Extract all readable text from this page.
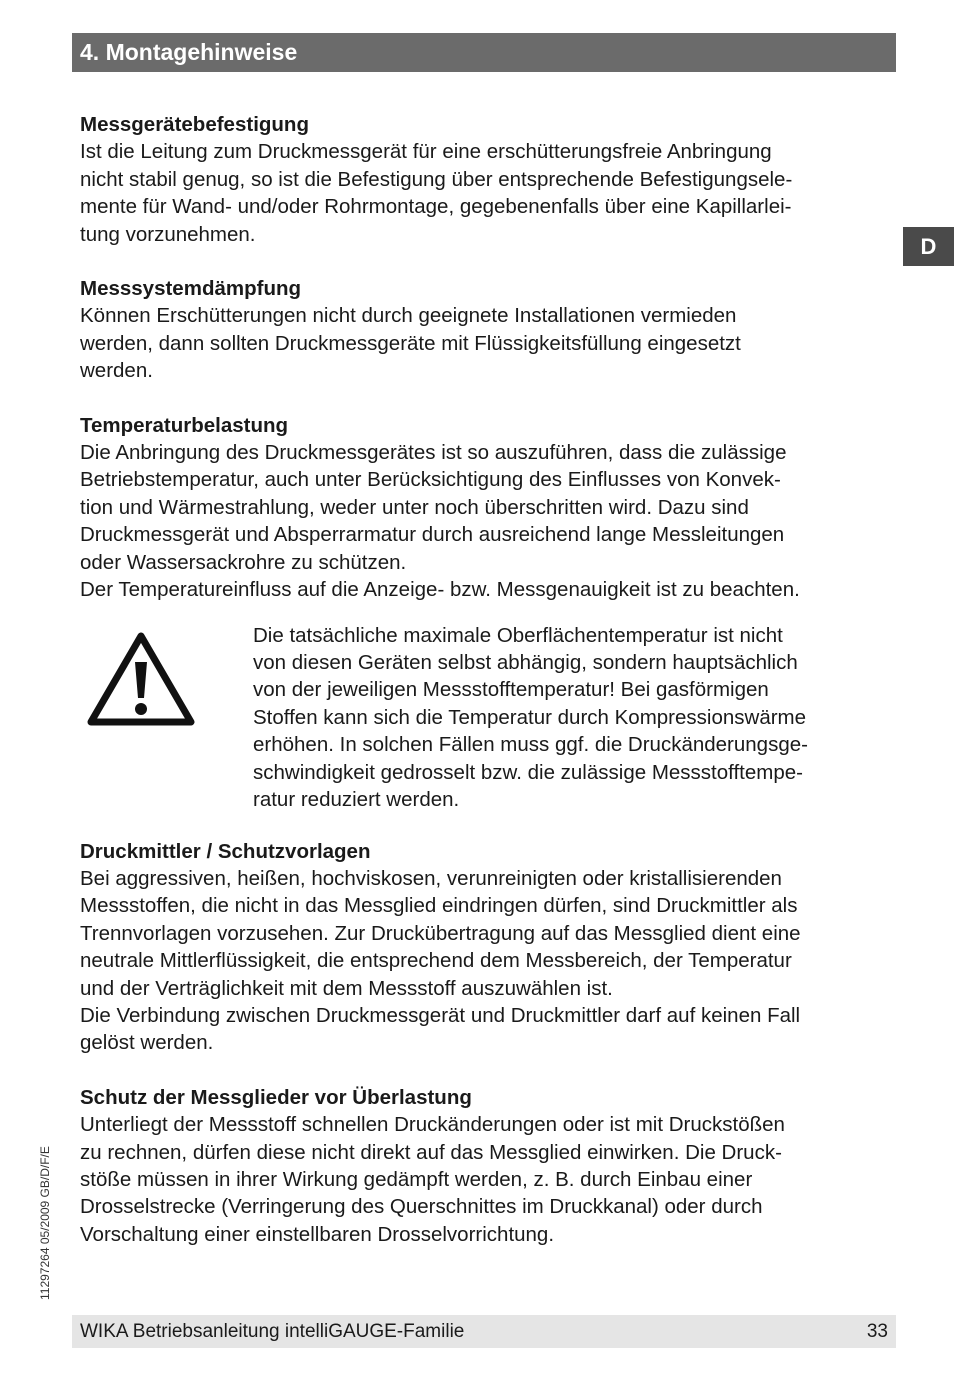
4. Montagehinweise
D
Messgerätebefestigung

Ist die Leitung zum Druckmessgerät für eine erschütterungsfreie Anbringung
nicht stabil genug, so ist die Befestigung über entsprechende Befestigungsele-
mente für Wand- und/oder Rohrmontage, gegebenenfalls über eine Kapillarlei-
tung vorzunehmen.

Messsystemdämpfung

Können Erschütterungen nicht durch geeignete Installationen vermieden
werden, dann sollten Druckmessgeräte mit Flüssigkeitsfüllung eingesetzt
werden.

Temperaturbelastung

Die Anbringung des Druckmessgerätes ist so auszuführen, dass die zulässige
Betriebstemperatur, auch unter Berücksichtigung des Einflusses von Konvek-
tion und Wärmestrahlung, weder unter noch überschritten wird. Dazu sind
Druckmessgerät und Absperrarmatur durch ausreichend lange Messleitungen
oder Wassersackrohre zu schützen.
Der Temperatureinfluss auf die Anzeige- bzw. Messgenauigkeit ist zu beachten.

Die tatsächliche maximale Oberflächentemperatur ist nicht
von diesen Geräten selbst abhängig, sondern hauptsächlich
von der jeweiligen Messstofftemperatur! Bei gasförmigen
Stoffen kann sich die Temperatur durch Kompressionswärme
erhöhen. In solchen Fällen muss ggf. die Druckänderungsge-
schwindigkeit gedrosselt bzw. die zulässige Messstofftempe-
ratur reduziert werden.

Druckmittler / Schutzvorlagen

Bei aggressiven, heißen, hochviskosen, verunreinigten oder kristallisierenden
Messstoffen, die nicht in das Messglied eindringen dürfen, sind Druckmittler als
Trennvorlagen vorzusehen. Zur Druckübertragung auf das Messglied dient eine
neutrale Mittlerflüssigkeit, die entsprechend dem Messbereich, der Temperatur
und der Verträglichkeit mit dem Messstoff auszuwählen ist.
Die Verbindung zwischen Druckmessgerät und Druckmittler darf auf keinen Fall
gelöst werden.

Schutz der Messglieder vor Überlastung

Unterliegt der Messstoff schnellen Druckänderungen oder ist mit Druckstößen
zu rechnen, dürfen diese nicht direkt auf das Messglied einwirken. Die Druck-
stöße müssen in ihrer Wirkung gedämpft werden, z. B. durch Einbau einer
Drosselstrecke (Verringerung des Querschnittes im Druckkanal) oder durch
Vorschaltung einer einstellbaren Drosselvorrichtung.

11297264 05/2009 GB/D/F/E
WIKA Betriebsanleitung intelliGAUGE-Familie	33
